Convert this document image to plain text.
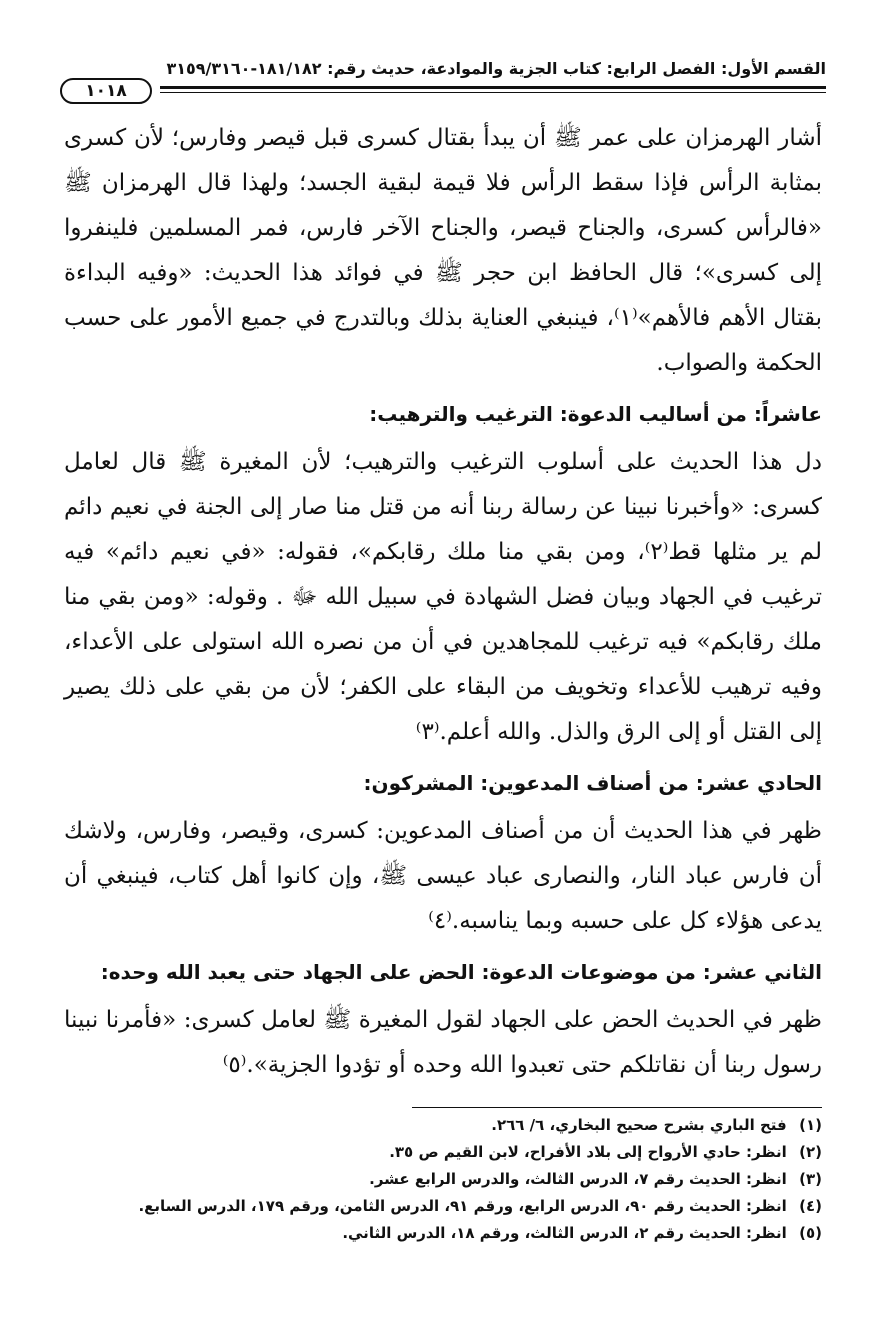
القسم الأول: الفصل الرابع: كتاب الجزية والموادعة، حديث رقم: ١٨١/١٨٢-٣١٥٩/٣١٦٠
١٠١٨

أشار الهرمزان على عمر ﷺ أن يبدأ بقتال كسرى قبل قيصر وفارس؛ لأن كسرى بمثابة الرأس فإذا سقط الرأس فلا قيمة لبقية الجسد؛ ولهذا قال الهرمزان ﷺ «فالرأس كسرى، والجناح قيصر، والجناح الآخر فارس، فمر المسلمين فلينفروا إلى كسرى»؛ قال الحافظ ابن حجر ﷺ في فوائد هذا الحديث: «وفيه البداءة بقتال الأهم فالأهم»⁽١⁾، فينبغي العناية بذلك وبالتدرج في جميع الأمور على حسب الحكمة والصواب.

عاشراً: من أساليب الدعوة: الترغيب والترهيب:

دل هذا الحديث على أسلوب الترغيب والترهيب؛ لأن المغيرة ﷺ قال لعامل كسرى: «وأخبرنا نبينا عن رسالة ربنا أنه من قتل منا صار إلى الجنة في نعيم دائم لم ير مثلها قط⁽٢⁾، ومن بقي منا ملك رقابكم»، فقوله: «في نعيم دائم» فيه ترغيب في الجهاد وبيان فضل الشهادة في سبيل الله ﷻ . وقوله: «ومن بقي منا ملك رقابكم» فيه ترغيب للمجاهدين في أن من نصره الله استولى على الأعداء، وفيه ترهيب للأعداء وتخويف من البقاء على الكفر؛ لأن من بقي على ذلك يصير إلى القتل أو إلى الرق والذل. والله أعلم.⁽٣⁾

الحادي عشر: من أصناف المدعوين: المشركون:

ظهر في هذا الحديث أن من أصناف المدعوين: كسرى، وقيصر، وفارس، ولاشك أن فارس عباد النار، والنصارى عباد عيسى ﷺ، وإن كانوا أهل كتاب، فينبغي أن يدعى هؤلاء كل على حسبه وبما يناسبه.⁽٤⁾

الثاني عشر: من موضوعات الدعوة: الحض على الجهاد حتى يعبد الله وحده:

ظهر في الحديث الحض على الجهاد لقول المغيرة ﷺ لعامل كسرى: «فأمرنا نبينا رسول ربنا أن نقاتلكم حتى تعبدوا الله وحده أو تؤدوا الجزية».⁽٥⁾

(١) فتح الباري بشرح صحيح البخاري، ٦/ ٢٦٦.
(٢) انظر: حادي الأرواح إلى بلاد الأفراح، لابن القيم ص ٣٥.
(٣) انظر: الحديث رقم ٧، الدرس الثالث، والدرس الرابع عشر.
(٤) انظر: الحديث رقم ٩٠، الدرس الرابع، ورقم ٩١، الدرس الثامن، ورقم ١٧٩، الدرس السابع.
(٥) انظر: الحديث رقم ٢، الدرس الثالث، ورقم ١٨، الدرس الثاني.
